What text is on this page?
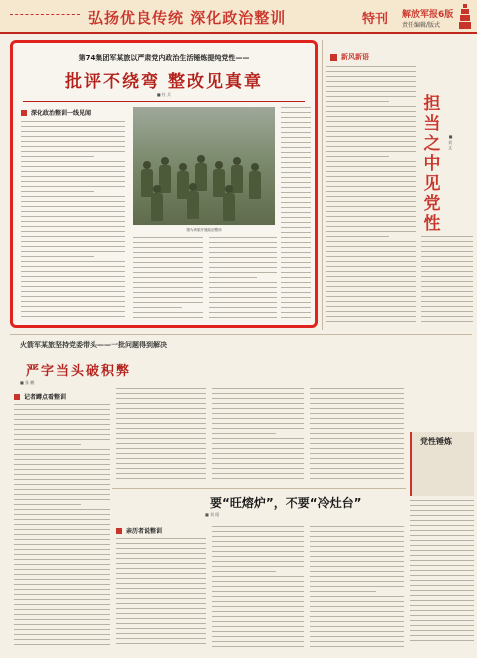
弘扬优良传统 深化政治整训	特刊 解放军报 6版
责任编辑/版式
第74集团军某旅以严肃党内政治生活锤炼提纯党性——
批评不绕弯 整改见真章
■ 杜 兵
深化政治整训一线见闻
图为该旅开展政治整训
新风新语
担当之中见党性
■ 刘 文
火箭军某旅坚持党委带头——一批问题得到解决
严字当头破积弊
■ 张 鹏
记者蹲点看整训
党性锤炼
要“旺熔炉”，不要“冷灶台”
■ 刘 阳
亲历者说整训
